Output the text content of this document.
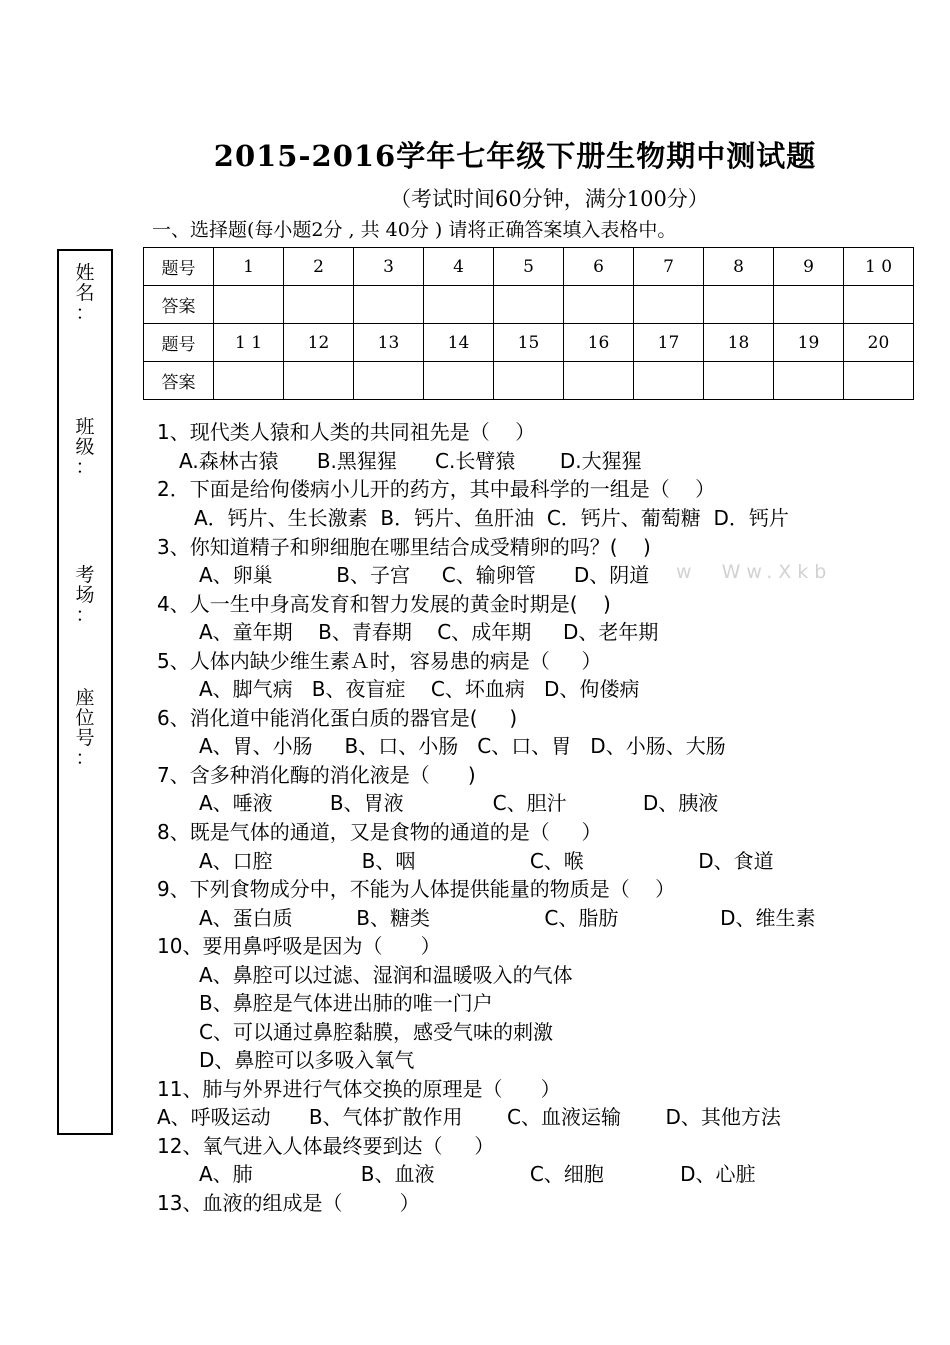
2015-2016学年七年级下册生物期中测试题
（考试时间60分钟，满分100分）
一、选择题(每小题2分 , 共 40分 ) 请将正确答案填入表格中。
姓
名
：
班
级
：
考
场
：
座
位
号
：
题号	1	2	3	4	5	6	7	8	9	1 0
答案										
题号	1 1	12	13	14	15	16	17	18	19	20
答案										
1、现代类人猿和人类的共同祖先是（    ）
A.森林古猿      B.黑猩猩      C.长臂猿       D.大猩猩
2．下面是给佝偻病小儿开的药方，其中最科学的一组是（    ）
A．钙片、生长激素  B．钙片、鱼肝油  C．钙片、葡萄糖  D．钙片
3、你知道精子和卵细胞在哪里结合成受精卵的吗？(    )
A、卵巢          B、子宫     C、输卵管      D、阴道 w  Ww.Xkb
4、人一生中身高发育和智力发展的黄金时期是(    )
A、童年期    B、青春期    C、成年期     D、老年期
5、人体内缺少维生素Ａ时，容易患的病是（     ）
A、脚气病   B、夜盲症    C、坏血病   D、佝偻病
6、消化道中能消化蛋白质的器官是(     )
A、胃、小肠     B、口、小肠   C、口、胃   D、小肠、大肠
7、含多种消化酶的消化液是（      )
A、唾液         B、胃液              C、胆汁            D、胰液
8、既是气体的通道，又是食物的通道的是（     ）
A、口腔              B、咽                  C、喉                  D、食道
9、下列食物成分中，不能为人体提供能量的物质是（    ）
A、蛋白质          B、糖类                  C、脂肪                D、维生素
10、要用鼻呼吸是因为（      ）
A、鼻腔可以过滤、湿润和温暖吸入的气体
B、鼻腔是气体进出肺的唯一门户
C、可以通过鼻腔黏膜，感受气味的刺激
D、鼻腔可以多吸入氧气
11、肺与外界进行气体交换的原理是（      ）
A、呼吸运动      B、气体扩散作用       C、血液运输       D、其他方法
12、氧气进入人体最终要到达（     ）
A、肺                 B、血液               C、细胞            D、心脏
13、血液的组成是（         ）
